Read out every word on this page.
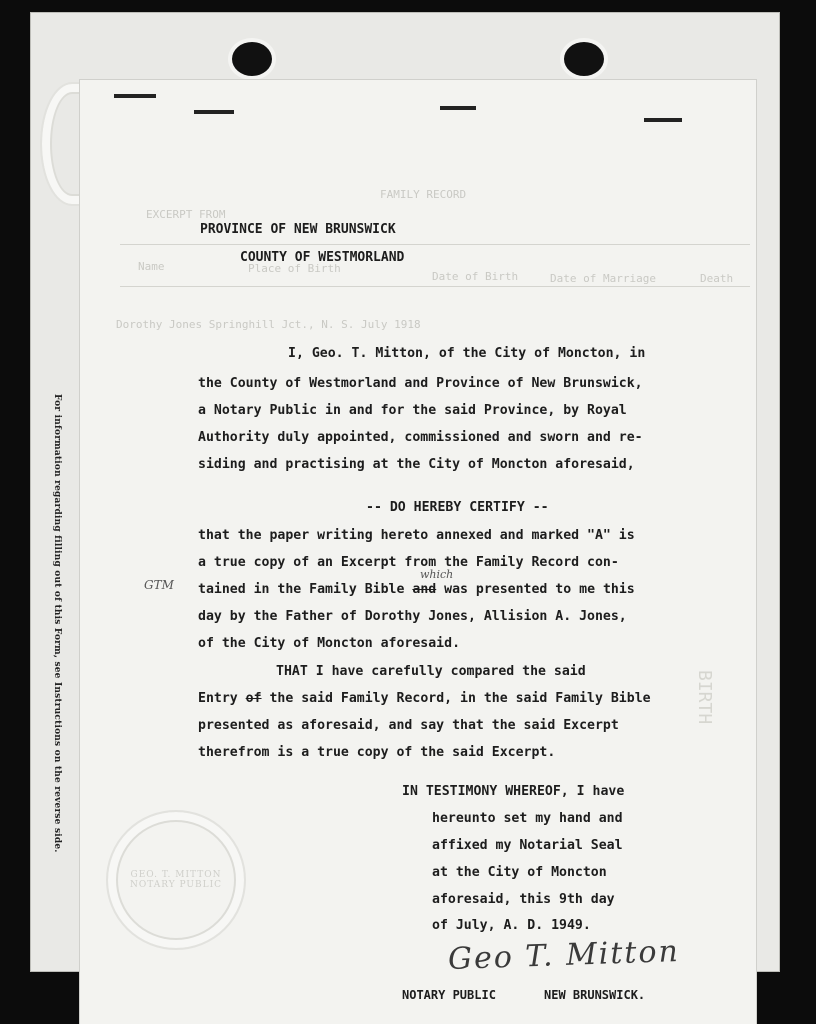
For information regarding filling out of this Form, see Instructions on the reverse side.
FAMILY RECORD
EXCERPT FROM
Name	Place of Birth
Date of Birth	Date of Marriage	Death
Dorothy Jones Springhill Jct., N. S. July 1918
PROVINCE OF NEW BRUNSWICK
COUNTY OF WESTMORLAND
I, Geo. T. Mitton, of the City of Moncton, in
the County of Westmorland and Province of New Brunswick,
a Notary Public in and for the said Province, by Royal
Authority duly appointed, commissioned and sworn and re-
siding and practising at the City of Moncton aforesaid,
-- DO HEREBY CERTIFY --
that the paper writing hereto annexed and marked "A" is
a true copy of an Excerpt from the Family Record con-
which
tained in the Family Bible and was presented to me this
GTM
day by the Father of Dorothy Jones, Allision A. Jones,
of the City of Moncton aforesaid.
THAT I have carefully compared the said
Entry of the said Family Record, in the said Family Bible
presented as aforesaid, and say that the said Excerpt
therefrom is a true copy of the said Excerpt.
IN TESTIMONY WHEREOF, I have
hereunto set my hand and
affixed my Notarial Seal
at the City of Moncton
aforesaid, this 9th day
of July, A. D. 1949.
GEO. T. MITTON NOTARY PUBLIC
BIRTH
Geo T. Mitton
NOTARY PUBLIC	NEW BRUNSWICK.
